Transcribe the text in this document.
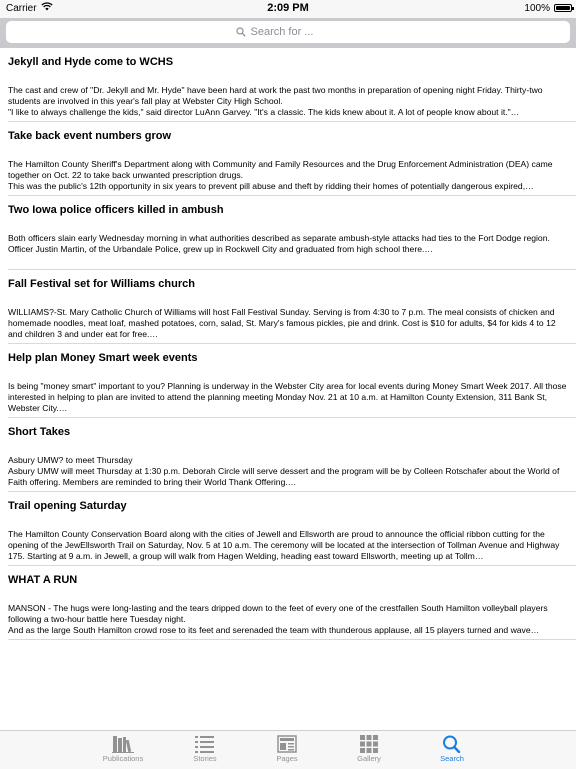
Carrier	2:09 PM	100%
Search for ...
Jekyll and Hyde come to WCHS
The cast and crew of "Dr. Jekyll and Mr. Hyde" have been hard at work the past two months in preparation of opening night Friday. Thirty-two students are involved in this year's fall play at Webster City High School.
"I like to always challenge the kids," said director LuAnn Garvey. "It's a classic. The kids knew about it. A lot of people know about it."…
Take back event numbers grow
The Hamilton County Sheriff's Department along with Community and Family Resources and the Drug Enforcement Administration (DEA) came together on Oct. 22 to take back unwanted prescription drugs.
This was the public's 12th opportunity in six years to prevent pill abuse and theft by ridding their homes of potentially dangerous expired,…
Two Iowa police officers killed in ambush
Both officers slain early Wednesday morning in what authorities described as separate ambush-style attacks had ties to the Fort Dodge region.
Officer Justin Martin, of the Urbandale Police, grew up in Rockwell City and graduated from high school there.…
Fall Festival set for Williams church
WILLIAMS?-St. Mary Catholic Church of Williams will host Fall Festival Sunday. Serving is from 4:30 to 7 p.m. The meal consists of chicken and homemade noodles, meat loaf, mashed potatoes, corn, salad, St. Mary's famous pickles, pie and drink. Cost is $10 for adults, $4 for kids 4 to 12 and children 3 and under eat for free.…
Help plan Money Smart week events
Is being "money smart" important to you? Planning is underway in the Webster City area for local events during Money Smart Week 2017. All those interested in helping to plan are invited to attend the planning meeting Monday Nov. 21 at 10 a.m. at Hamilton County Extension, 311 Bank St, Webster City.…
Short Takes
Asbury UMW? to meet Thursday
Asbury UMW will meet Thursday at 1:30 p.m. Deborah Circle will serve dessert and the program will be by Colleen Rotschafer about the World of Faith offering. Members are reminded to bring their World Thank Offering.…
Trail opening Saturday
The Hamilton County Conservation Board along with the cities of Jewell and Ellsworth are proud to announce the official ribbon cutting for the opening of the JewEllsworth Trail on Saturday, Nov. 5 at 10 a.m. The ceremony will be located at the intersection of Tollman Avenue and Highway 175. Starting at 9 a.m. in Jewell, a group will walk from Hagen Welding, heading east toward Ellsworth, meeting up at Tollm…
WHAT A RUN
MANSON - The hugs were long-lasting and the tears dripped down to the feet of every one of the crestfallen South Hamilton volleyball players following a two-hour battle here Tuesday night.
And as the large South Hamilton crowd rose to its feet and serenaded the team with thunderous applause, all 15 players turned and wave…
Publications	Stories	Pages	Gallery	Search
